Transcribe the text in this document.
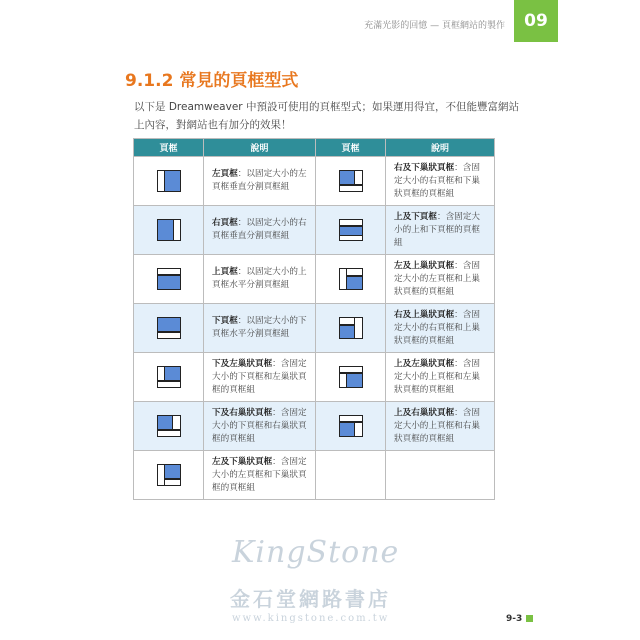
充滿光影的回憶 — 頁框網站的製作	09
9.1.2 常見的頁框型式
以下是 Dreamweaver 中預設可使用的頁框型式；如果運用得宜，不但能豐富網站上內容，對網站也有加分的效果！
頁框	說明	頁框	說明

	左頁框：以固定大小的左頁框垂直分割頁框組		右及下巢狀頁框：含固定大小的右頁框和下巢狀頁框的頁框組

	右頁框：以固定大小的右頁框垂直分割頁框組		上及下頁框：含固定大小的上和下頁框的頁框組

	上頁框：以固定大小的上頁框水平分割頁框組		左及上巢狀頁框：含固定大小的左頁框和上巢狀頁框的頁框組

	下頁框：以固定大小的下頁框水平分割頁框組		右及上巢狀頁框：含固定大小的右頁框和上巢狀頁框的頁框組

	下及左巢狀頁框：含固定大小的下頁框和左巢狀頁框的頁框組		上及左巢狀頁框：含固定大小的上頁框和左巢狀頁框的頁框組

	下及右巢狀頁框：含固定大小的下頁框和右巢狀頁框的頁框組		上及右巢狀頁框：含固定大小的上頁框和右巢狀頁框的頁框組

	左及下巢狀頁框：含固定大小的左頁框和下巢狀頁框的頁框組		
KingStone
金石堂網路書店
www.kingstone.com.tw	9-3
